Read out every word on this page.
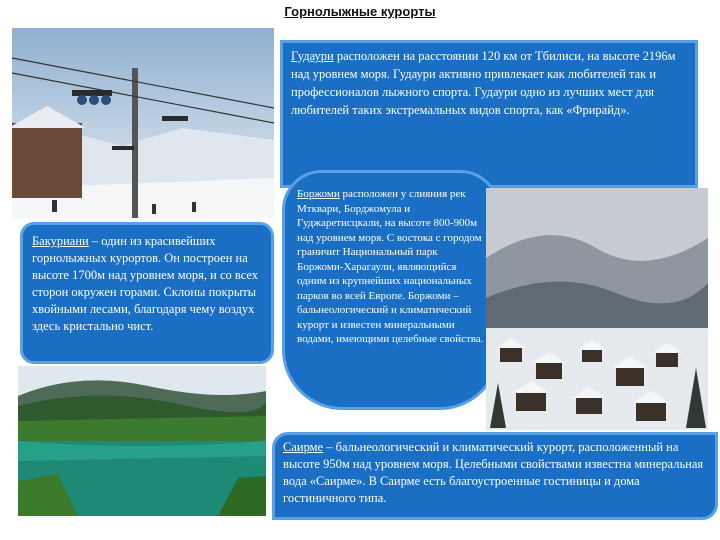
Горнолыжные курорты
Гудаури расположен на расстоянии 120 км от Тбилиси, на высоте 2196м над уровнем моря. Гудаури активно привлекает как любителей так и профессионалов лыжного спорта. Гудаури одно из лучших мест для любителей таких экстремальных видов спорта, как «Фрирайд».
Бакуриани – один из красивейших горнолыжных курортов. Он построен на высоте 1700м над уровнем моря, и со всех сторон окружен горами. Склоны покрыты хвойными лесами, благодаря чему воздух здесь кристально чист.
Боржоми расположен у слияния рек Мтквари, Борджомула и Гуджаретисцкали, на высоте 800-900м над уровнем моря. С востока с городом граничит Национальный парк Боржоми-Харагаули, являющийся одним из крупнейших национальных парков во всей Европе. Боржоми – бальнеологический и климатический курорт и известен минеральными водами, имеющими целебные свойства.
Саирме – бальнеологический и климатический курорт, расположенный на высоте 950м над уровнем моря. Целебными свойствами известна минеральная вода «Саирме». В Саирме есть благоустроенные гостиницы и дома гостиничного типа.
